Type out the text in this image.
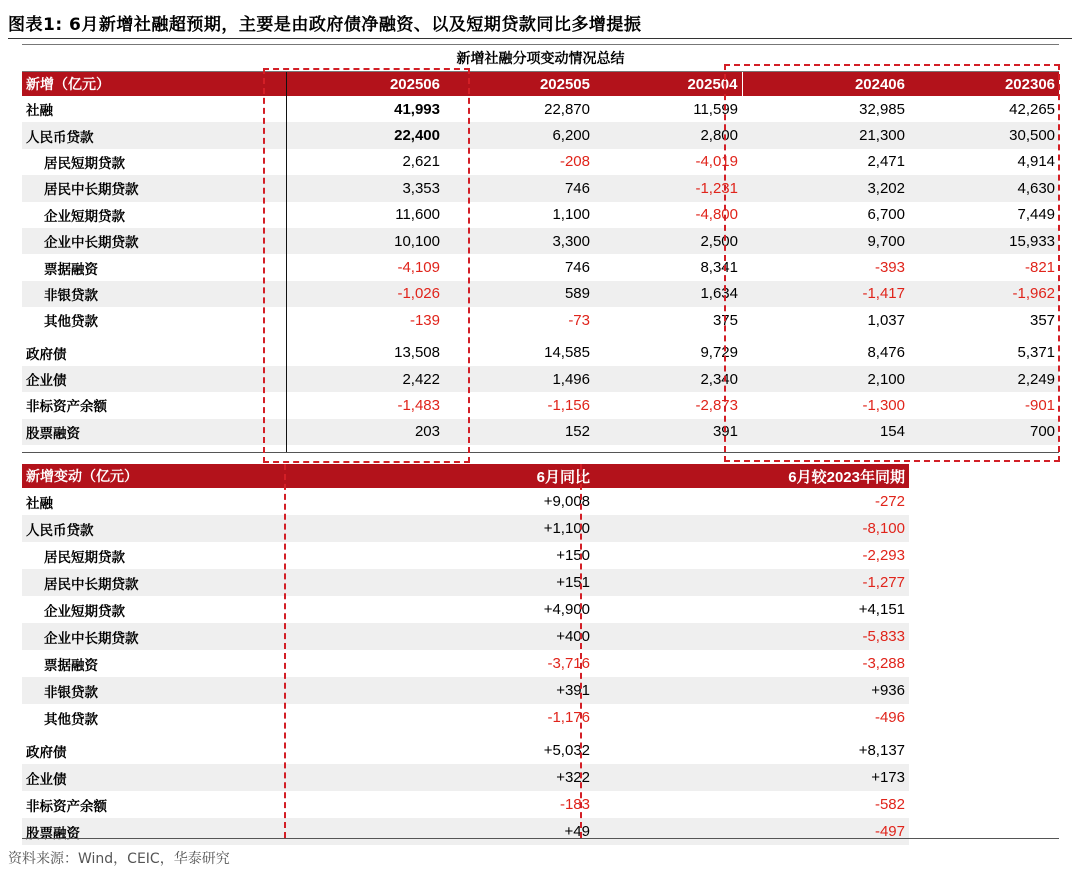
图表1: 6月新增社融超预期，主要是由政府债净融资、以及短期贷款同比多增提振
新增社融分项变动情况总结					
新增（亿元）	202506	202505	202504	202406	202306
社融	41,993	22,870	11,599	32,985	42,265
人民币贷款	22,400	6,200	2,800	21,300	30,500
居民短期贷款	2,621	-208	-4,019	2,471	4,914
居民中长期贷款	3,353	746	-1,231	3,202	4,630
企业短期贷款	11,600	1,100	-4,800	6,700	7,449
企业中长期贷款	10,100	3,300	2,500	9,700	15,933
票据融资	-4,109	746	8,341	-393	-821
非银贷款	-1,026	589	1,634	-1,417	-1,962
其他贷款	-139	-73	375	1,037	357

政府债	13,508	14,585	9,729	8,476	5,371
企业债	2,422	1,496	2,340	2,100	2,249
非标资产余额	-1,483	-1,156	-2,873	-1,300	-901
股票融资	203	152	391	154	700
新增变动（亿元）	6月同比	6月较2023年同期	
社融	+9,008	-272	
人民币贷款	+1,100	-8,100	
居民短期贷款	+150	-2,293	
居民中长期贷款	+151	-1,277	
企业短期贷款	+4,900	+4,151	
企业中长期贷款	+400	-5,833	
票据融资	-3,716	-3,288	
非银贷款	+391	+936	
其他贷款	-1,176	-496	

政府债	+5,032	+8,137	
企业债	+322	+173	
非标资产余额	-183	-582	
股票融资	+49	-497	
资料来源：Wind，CEIC，华泰研究
